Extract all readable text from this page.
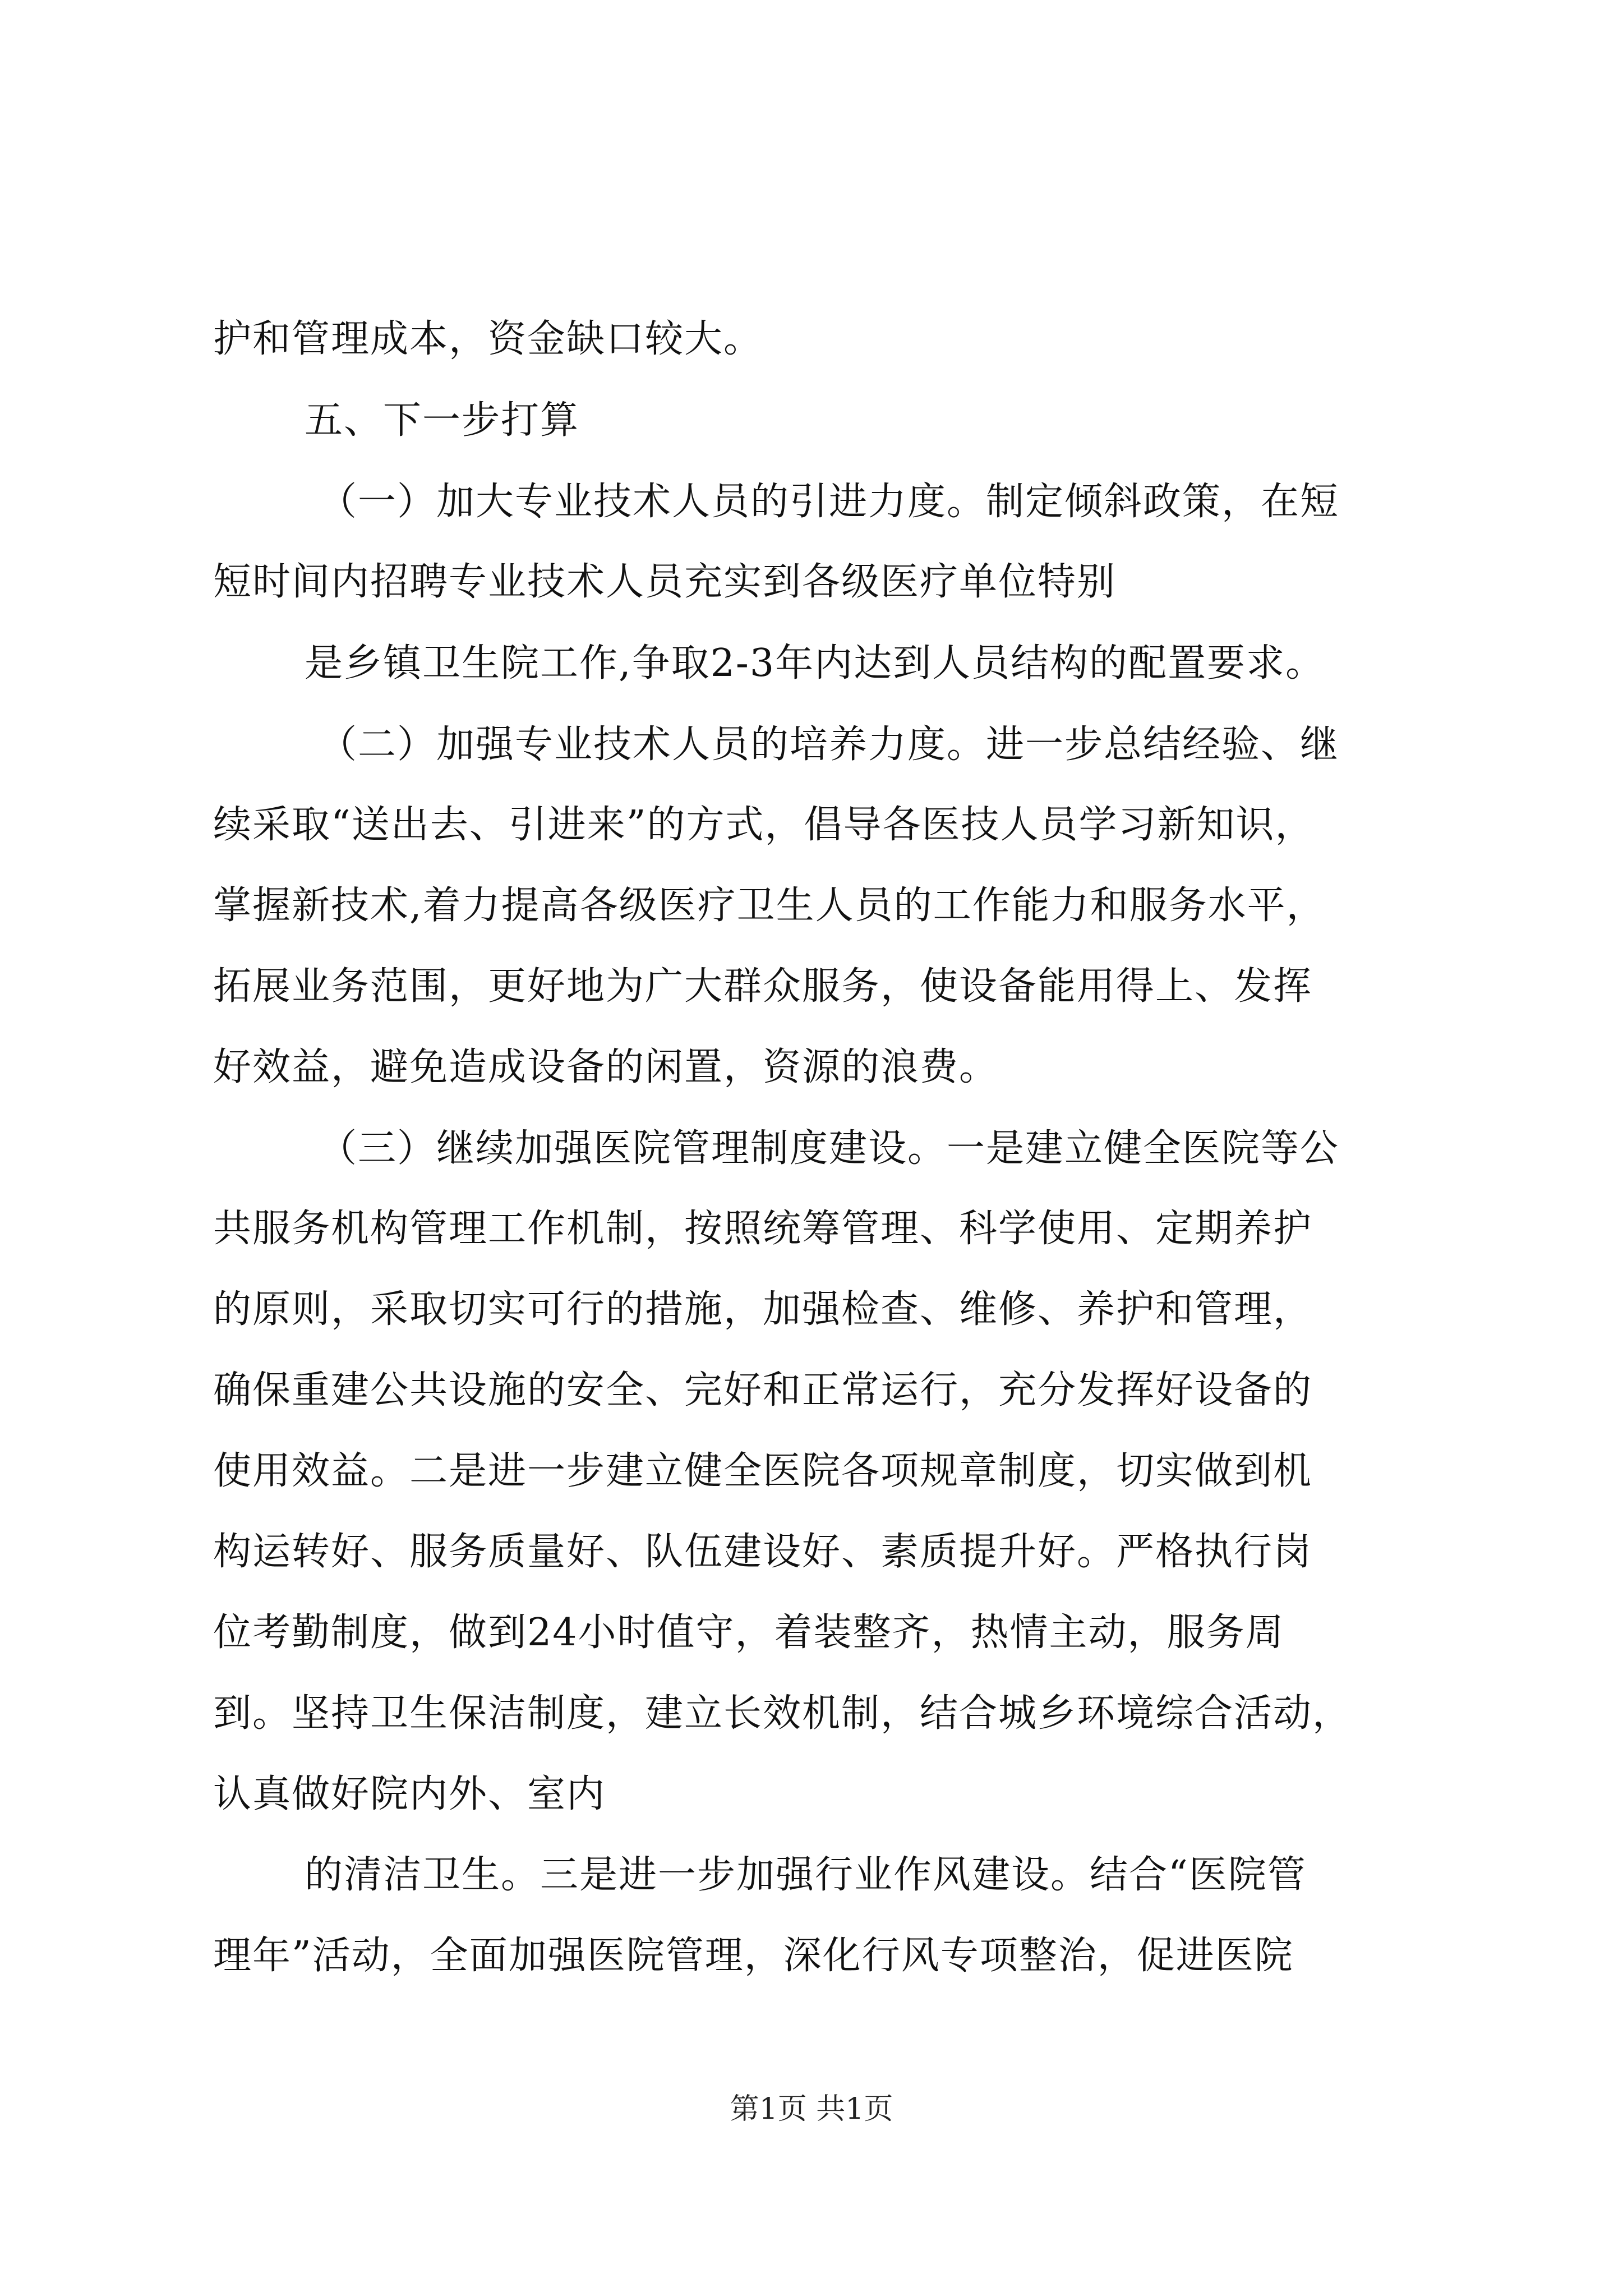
护和管理成本，资金缺口较大。
五、下一步打算
（一）加大专业技术人员的引进力度。制定倾斜政策，在短
短时间内招聘专业技术人员充实到各级医疗单位特别
是乡镇卫生院工作,争取2-3年内达到人员结构的配置要求。
（二）加强专业技术人员的培养力度。进一步总结经验、继
续采取“送出去、引进来”的方式，倡导各医技人员学习新知识，
掌握新技术,着力提高各级医疗卫生人员的工作能力和服务水平，
拓展业务范围，更好地为广大群众服务，使设备能用得上、发挥
好效益，避免造成设备的闲置，资源的浪费。
（三）继续加强医院管理制度建设。一是建立健全医院等公
共服务机构管理工作机制，按照统筹管理、科学使用、定期养护
的原则，采取切实可行的措施，加强检查、维修、养护和管理，
确保重建公共设施的安全、完好和正常运行，充分发挥好设备的
使用效益。二是进一步建立健全医院各项规章制度，切实做到机
构运转好、服务质量好、队伍建设好、素质提升好。严格执行岗
位考勤制度，做到24小时值守，着装整齐，热情主动，服务周
到。坚持卫生保洁制度，建立长效机制，结合城乡环境综合活动，
认真做好院内外、室内
的清洁卫生。三是进一步加强行业作风建设。结合“医院管
理年”活动，全面加强医院管理，深化行风专项整治，促进医院
第1页 共1页
